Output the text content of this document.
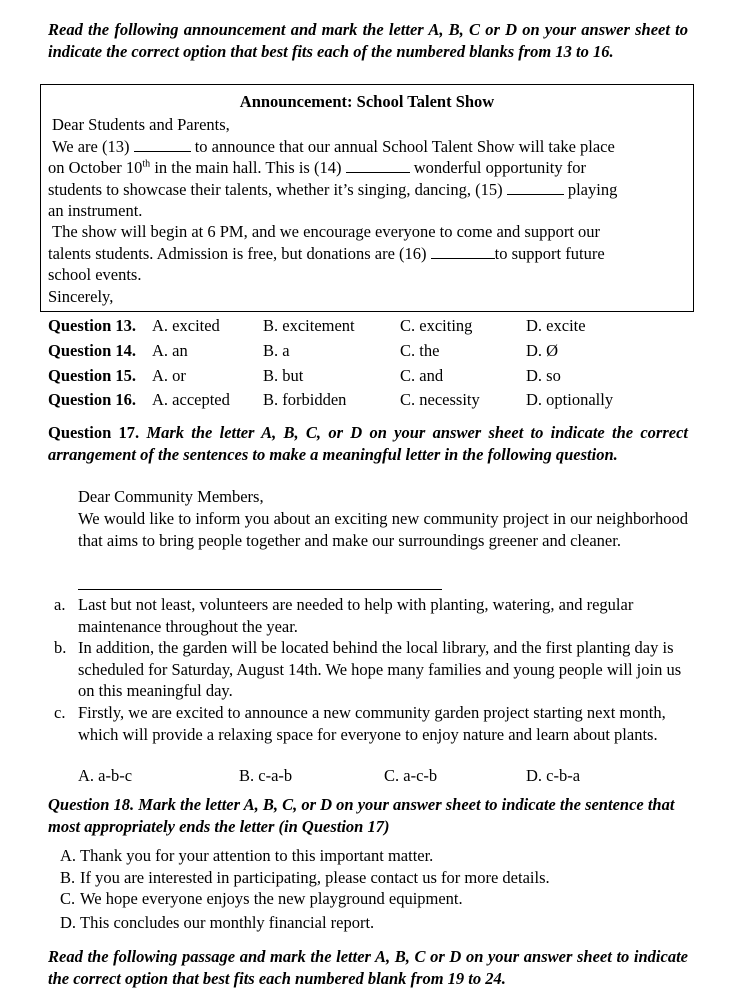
Read the following announcement and mark the letter A, B, C or D on your answer sheet to indicate the correct option that best fits each of the numbered blanks from 13 to 16.
Announcement: School Talent Show
Dear Students and Parents,
We are (13)	to announce that our annual School Talent Show will take place
on October 10th in the main hall. This is (14)	wonderful opportunity for
students to showcase their talents, whether it’s singing, dancing, (15)	playing
an instrument.
The show will begin at 6 PM, and we encourage everyone to come and support our
talents students. Admission is free, but donations are (16)	to support future
school events.
Sincerely,
Question 13. A. excited	B. excitement	C. exciting	D. excite
Question 14. A. an	B. a	C. the	D. Ø
Question 15. A. or	B. but	C. and	D. so
Question 16. A. accepted B. forbidden	C. necessity	D. optionally
Question 17. Mark the letter A, B, C, or D on your answer sheet to indicate the correct arrangement of the sentences to make a meaningful letter in the following question.
Dear Community Members,
We would like to inform you about an exciting new community project in our neighborhood that aims to bring people together and make our surroundings greener and cleaner.
a. Last but not least, volunteers are needed to help with planting, watering, and regular maintenance throughout the year.
b. In addition, the garden will be located behind the local library, and the first planting day is scheduled for Saturday, August 14th. We hope many families and young people will join us on this meaningful day.
c. Firstly, we are excited to announce a new community garden project starting next month, which will provide a relaxing space for everyone to enjoy nature and learn about plants.
A. a-b-c	B. c-a-b	C. a-c-b	D. c-b-a
Question 18. Mark the letter A, B, C, or D on your answer sheet to indicate the sentence that most appropriately ends the letter (in Question 17)
A. Thank you for your attention to this important matter.
B. If you are interested in participating, please contact us for more details.
C. We hope everyone enjoys the new playground equipment.
D. This concludes our monthly financial report.
Read the following passage and mark the letter A, B, C or D on your answer sheet to indicate the correct option that best fits each numbered blank from 19 to 24.
